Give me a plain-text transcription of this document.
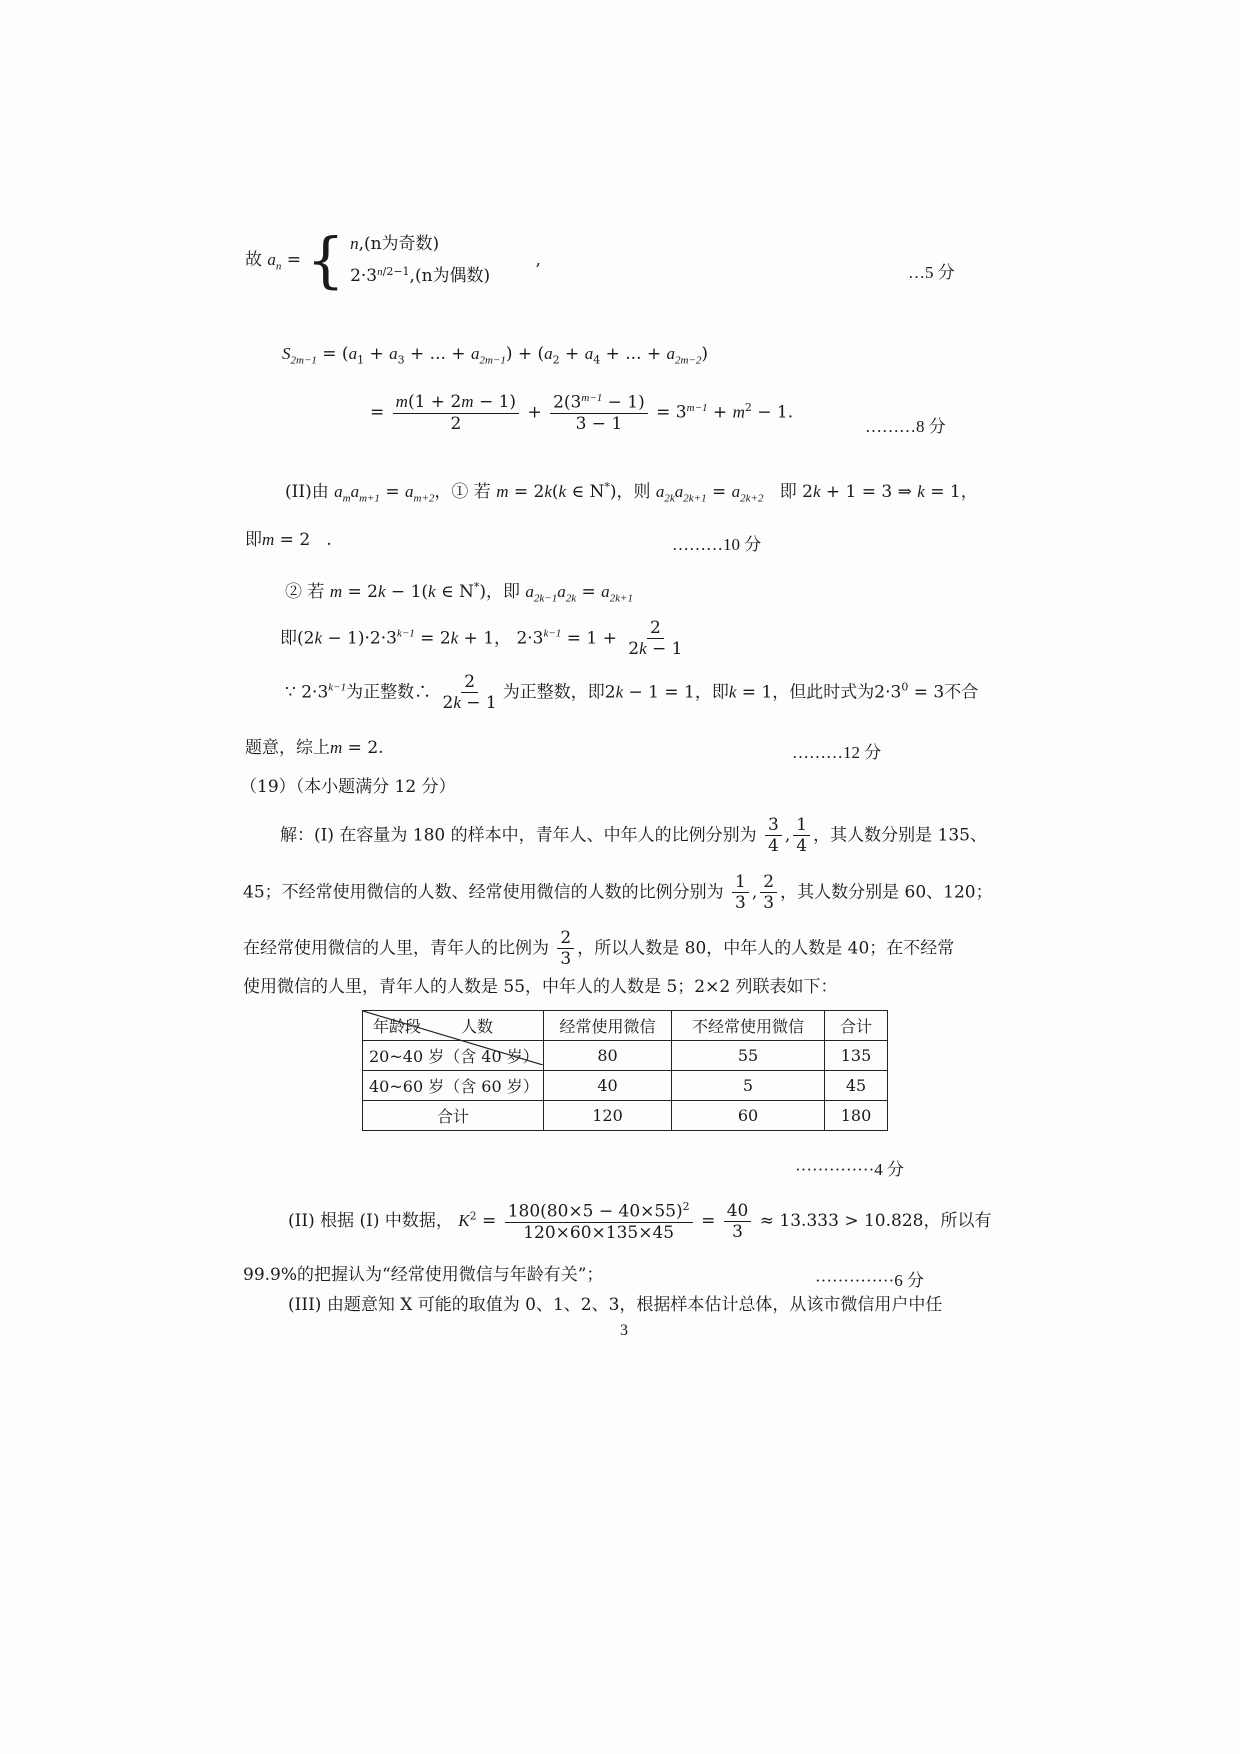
故 $a_n$ = { n,(n为奇数)
$2\cdot 3^{n/2-1},(n$为偶数)
,
…5 分
$S_{2m-1} = (a_1 + a_3$ + ... + $a_{2m-1}) + (a_2 + a_4$ + ... + $a_{2m-2}$)
= $\frac{m(1 + 2m - 1)}{2} + \frac{2(3^{m-1} - 1)}{3 - 1} = 3^{m-1} + m^2 - 1$.
………8 分
(II)由 $a_ma_{m+1} = a_{m+2}$，① 若 m = 2k(k ∈ N*)，则 $a_{2k}a_{2k+1} = a_{2k+2}$ 即 2k + 1 = 3 ⇒ k = 1，
即m = 2   .	………10 分
② 若 m = 2k − 1(k ∈ N*)，即 $a_{2k-1}a_{2k} = a_{2k+1}$
即$(2k - 1)\cdot 2\cdot 3^{k-1} = 2k + 1$， $2\cdot 3^{k-1} = 1 + \frac{2}{2k - 1}$
∵ $2\cdot 3^{k-1}$为正整数∴ $\frac{2}{2k - 1}$ 为正整数，即2k − 1 = 1，即k = 1，但此时式为$2\cdot 3^0 = 3$不合
题意，综上m = 2.	………12 分
（19）（本小题满分 12 分）
解：(I) 在容量为 180 的样本中，青年人、中年人的比例分别为 $\frac{3}{4}$ , $\frac{1}{4}$ ，其人数分别是 135、
45；不经常使用微信的人数、经常使用微信的人数的比例分别为 $\frac{1}{3}$ , $\frac{2}{3}$ ，其人数分别是 60、120；
在经常使用微信的人里，青年人的比例为 $\frac{2}{3}$ ，所以人数是 80，中年人的人数是 40；在不经常
使用微信的人里，青年人的人数是 55，中年人的人数是 5；2×2 列联表如下：
人数
年龄段	经常使用微信	不经常使用微信	合计
20~40 岁（含 40 岁）	80	55	135
40~60 岁（含 60 岁）	40	5	45
合计	120	60	180
··············4 分
(II) 根据 (I) 中数据， $K^2 = \frac{180(80\times 5 - 40\times 55)^2}{120\times 60\times 135\times 45} = \frac{40}{3} \approx 13.333 > 10.828$，所以有
99.9%的把握认为“经常使用微信与年龄有关”；	··············6 分
(III) 由题意知 X 可能的取值为 0、1、2、3，根据样本估计总体，从该市微信用户中任
3
